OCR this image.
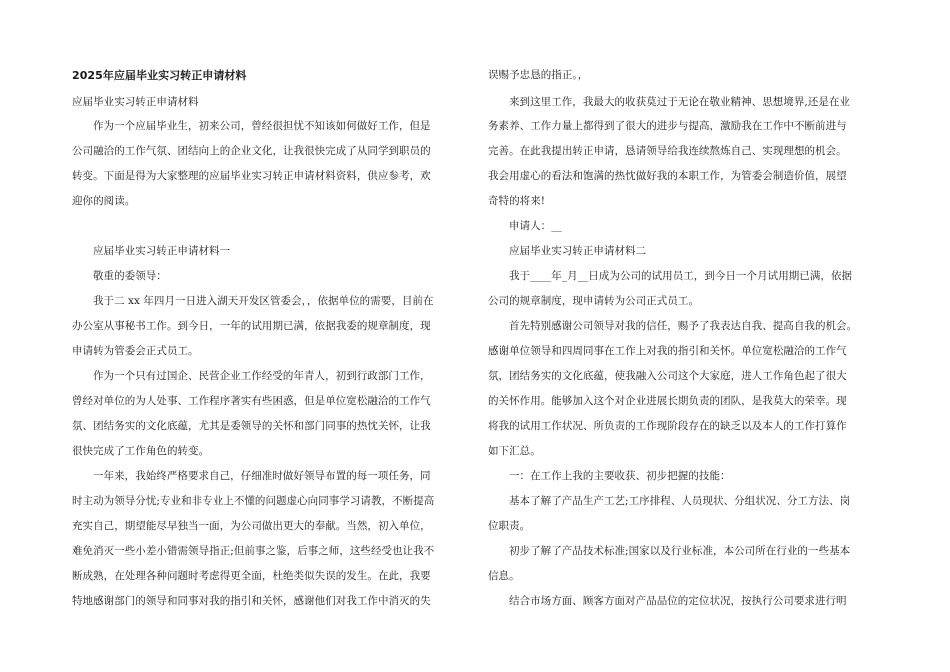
2025年应届毕业实习转正申请材料
应届毕业实习转正申请材料
作为一个应届毕业生，初来公司，曾经很担忧不知该如何做好工作，但是
公司融洽的工作气氛、团结向上的企业文化，让我很快完成了从同学到职员的
转变。下面是得为大家整理的应届毕业实习转正申请材料资料，供应参考，欢
迎你的阅读。
应届毕业实习转正申请材料一
敬重的委领导：
我于二 xx 年四月一日进入湖天开发区管委会，，依据单位的需要，目前在
办公室从事秘书工作。到今日，一年的试用期已满，依据我委的规章制度，现
申请转为管委会正式员工。
作为一个只有过国企、民营企业工作经受的年青人，初到行政部门工作，
曾经对单位的为人处事、工作程序著实有些困惑，但是单位宽松融洽的工作气
氛、团结务实的文化底蕴，尤其是委领导的关怀和部门同事的热忱关怀，让我
很快完成了工作角色的转变。
一年来，我始终严格要求自己，仔细准时做好领导布置的每一项任务，同
时主动为领导分忧;专业和非专业上不懂的问题虚心向同事学习请教，不断提高
充实自己，期望能尽早独当一面，为公司做出更大的奉献。当然，初入单位，
难免消灭一些小差小错需领导指正;但前事之鉴，后事之师，这些经受也让我不
断成熟，在处理各种问题时考虑得更全面，杜绝类似失误的发生。在此，我要
特地感谢部门的领导和同事对我的指引和关怀，感谢他们对我工作中消灭的失
误赐予忠恳的指正。，
来到这里工作，我最大的收获莫过于无论在敬业精神、思想境界,还是在业
务素养、工作力量上都得到了很大的进步与提高，激励我在工作中不断前进与
完善。在此我提出转正申请，恳请领导给我连续熬炼自己、实现理想的机会。
我会用虚心的看法和饱满的热忱做好我的本职工作，为管委会制造价值，展望
奇特的将来!
申请人：__
应届毕业实习转正申请材料二
我于____年_月__日成为公司的试用员工，到今日一个月试用期已满，依据
公司的规章制度，现申请转为公司正式员工。
首先特别感谢公司领导对我的信任，赐予了我表达自我、提高自我的机会。
感谢单位领导和四周同事在工作上对我的指引和关怀。单位宽松融洽的工作气
氛，团结务实的文化底蕴，使我融入公司这个大家庭，进人工作角色起了很大
的关怀作用。能够加入这个对企业进展长期负责的团队，是我莫大的荣幸。现
将我的试用工作状况、所负责的工作现阶段存在的缺乏以及本人的工作打算作
如下汇总。
一：在工作上我的主要收获、初步把握的技能：
基本了解了产品生产工艺;工序排程、人员现状、分组状况、分工方法、岗
位职责。
初步了解了产品技术标准;国家以及行业标准，本公司所在行业的一些基本
信息。
结合市场方面、顾客方面对产品品位的定位状况，按执行公司要求进行明
